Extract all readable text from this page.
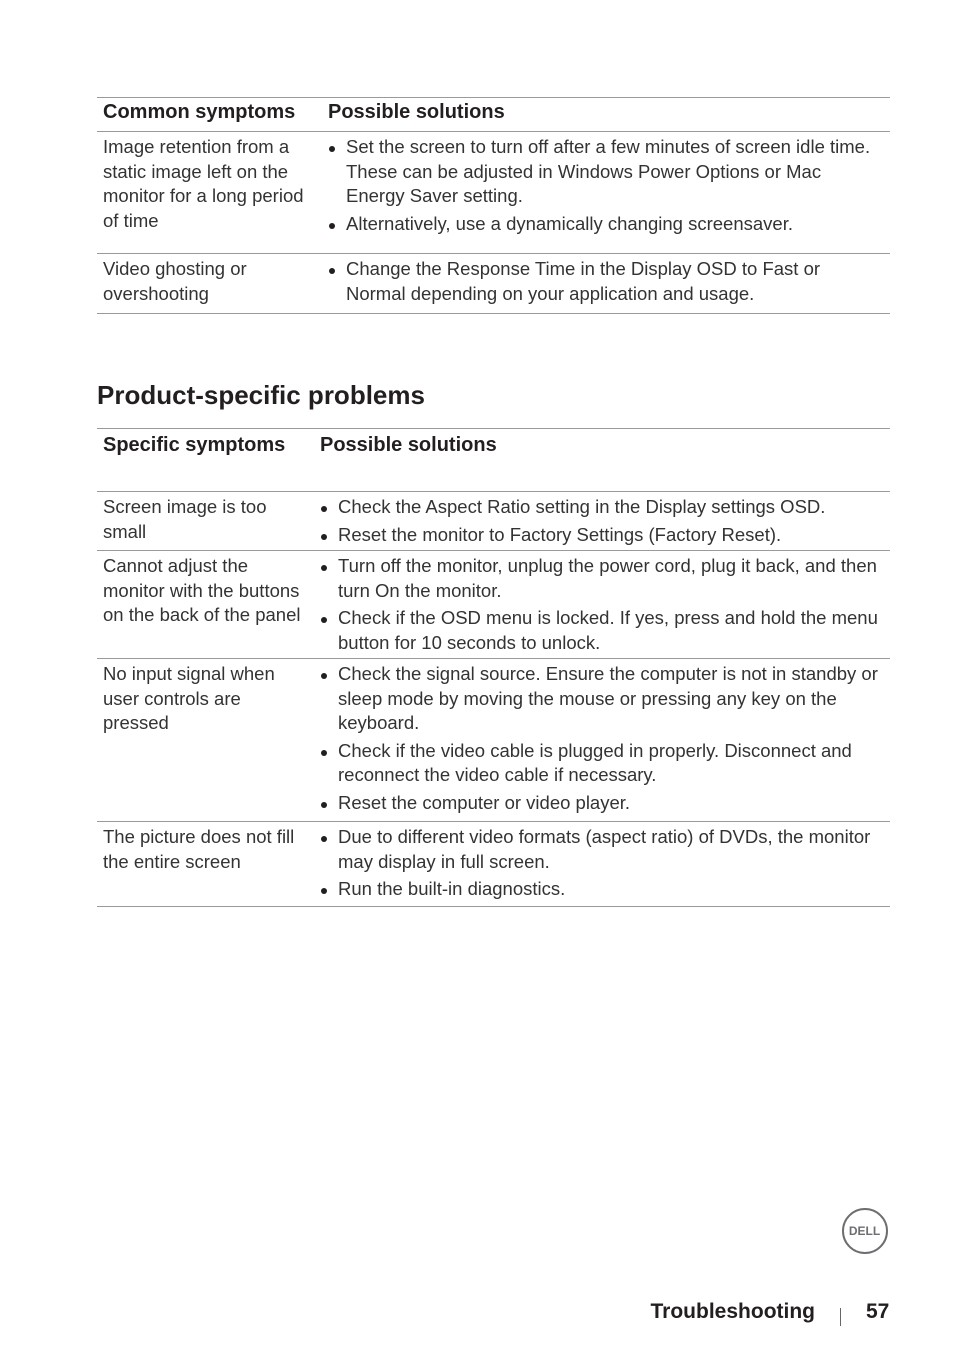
Common symptoms Possible solutions
Image retention from a static image left on the monitor for a long period of time
Set the screen to turn off after a few minutes of screen idle time. These can be adjusted in Windows Power Options or Mac Energy Saver setting.
Alternatively, use a dynamically changing screensaver.
Video ghosting or overshooting
Change the Response Time in the Display OSD to Fast or Normal depending on your application and usage.
Product-specific problems
Specific symptoms Possible solutions
Screen image is too small
Check the Aspect Ratio setting in the Display settings OSD.
Reset the monitor to Factory Settings (Factory Reset).
Cannot adjust the monitor with the buttons on the back of the panel
Turn off the monitor, unplug the power cord, plug it back, and then turn On the monitor.
Check if the OSD menu is locked. If yes, press and hold the menu button for 10 seconds to unlock.
No input signal when user controls are pressed
Check the signal source. Ensure the computer is not in standby or sleep mode by moving the mouse or pressing any key on the keyboard.
Check if the video cable is plugged in properly. Disconnect and reconnect the video cable if necessary.
Reset the computer or video player.
The picture does not fill the entire screen
Due to different video formats (aspect ratio) of DVDs, the monitor may display in full screen.
Run the built-in diagnostics.
DELL
Troubleshooting 57
